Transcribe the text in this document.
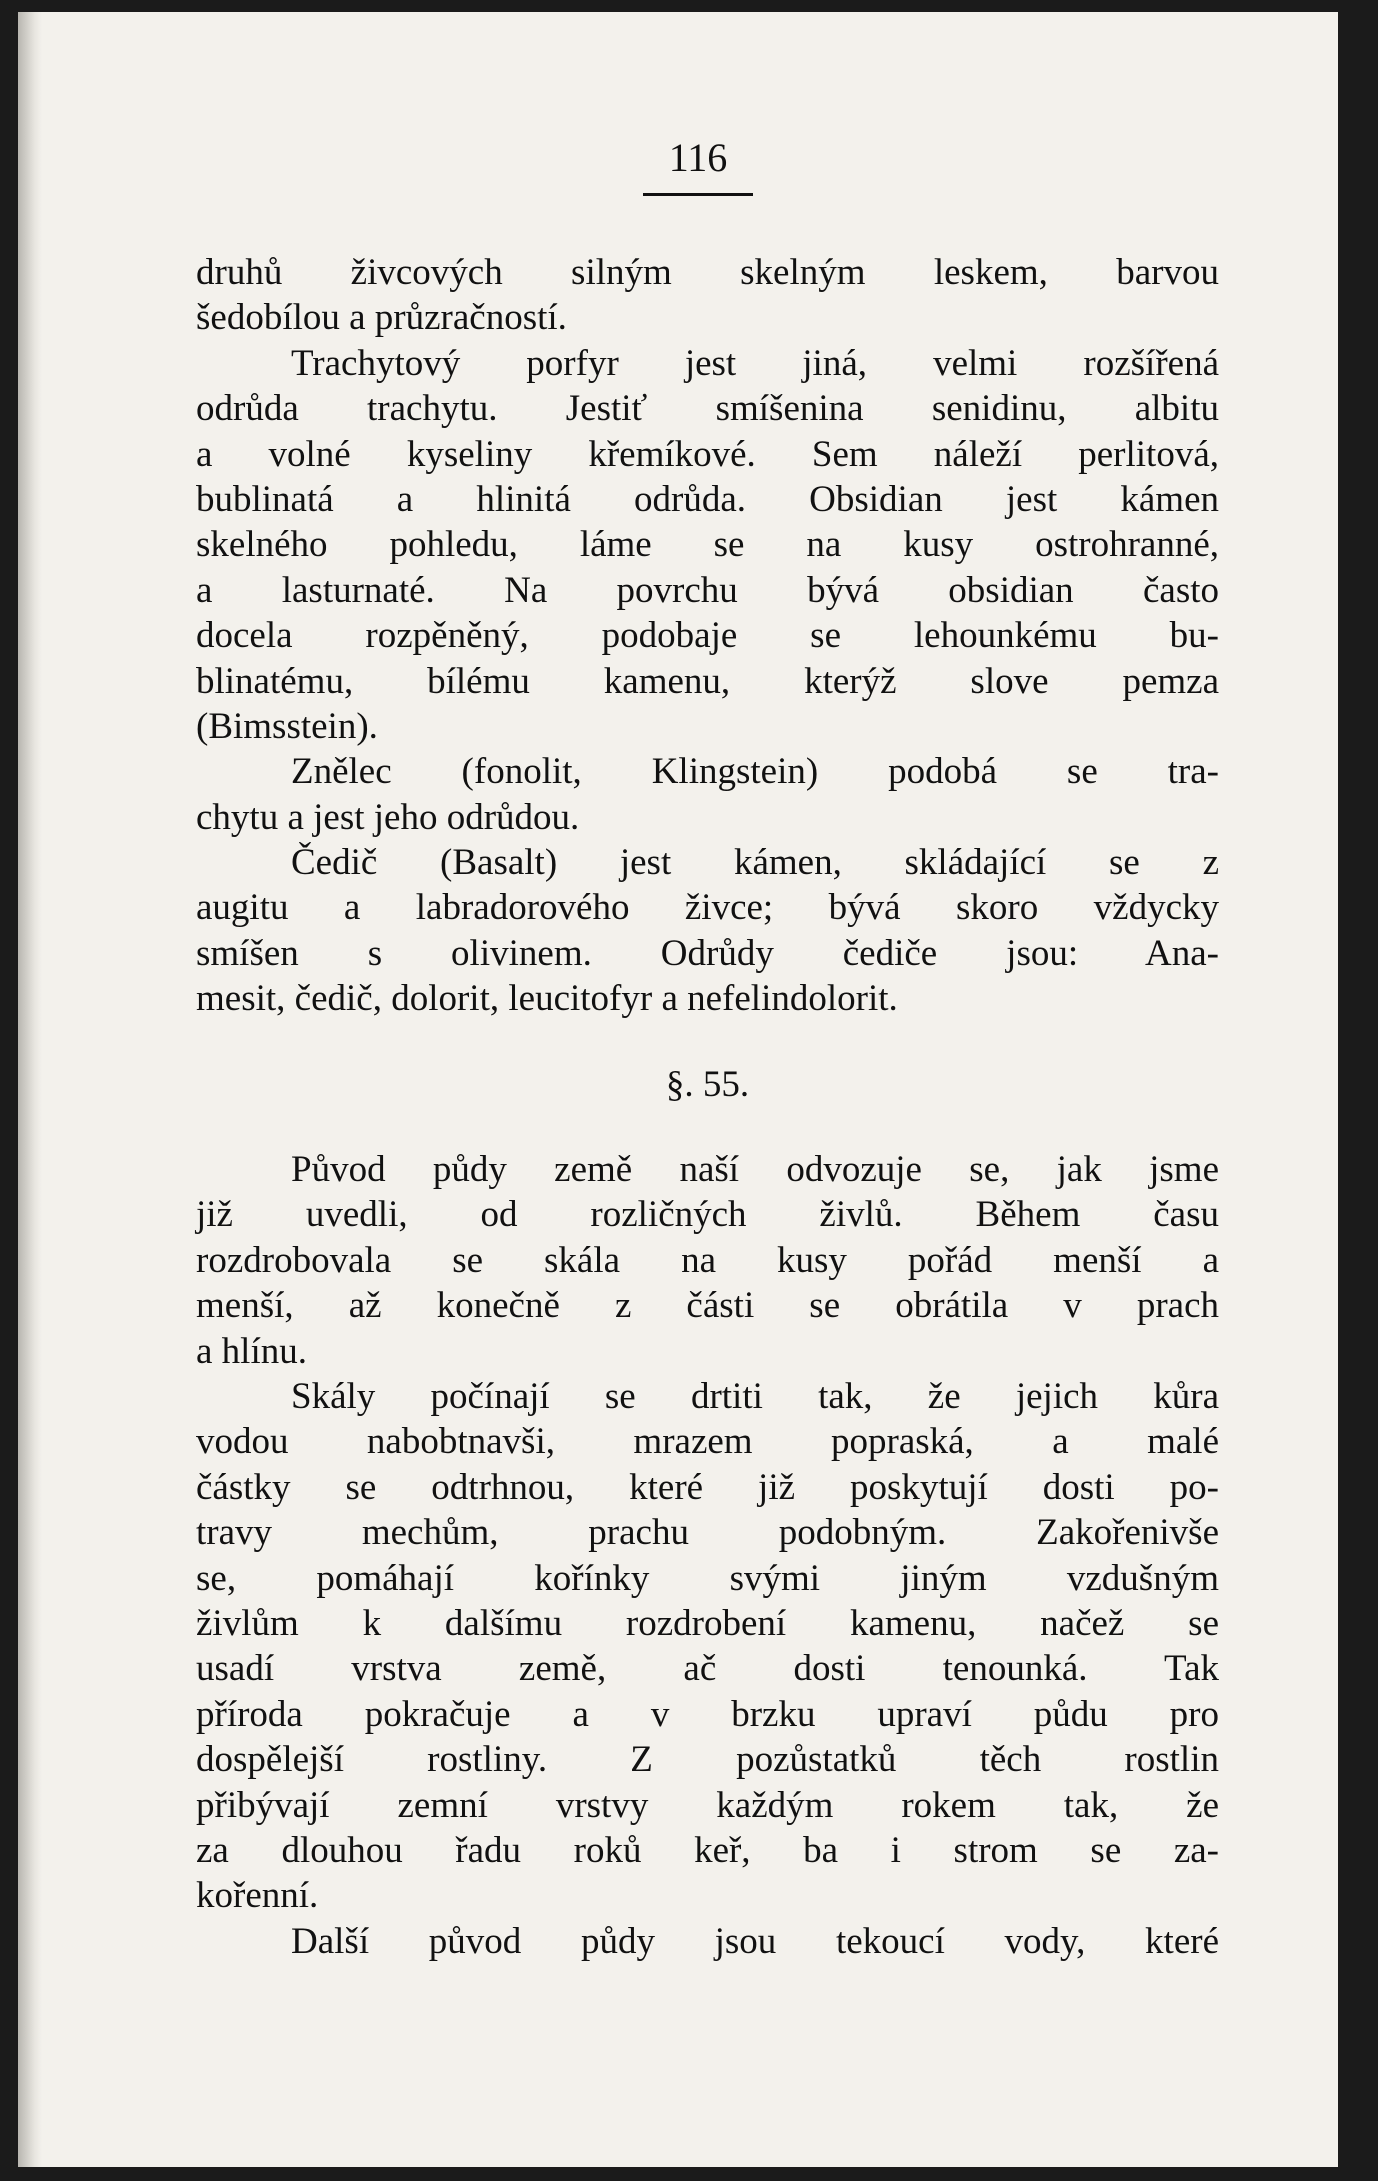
116
druhů živcových silným skelným leskem, barvou
šedobílou a průzračností.
Trachytový porfyr jest jiná, velmi rozšířená
odrůda trachytu. Jestiť smíšenina senidinu, albitu
a volné kyseliny křemíkové. Sem náleží perlitová,
bublinatá a hlinitá odrůda. Obsidian jest kámen
skelného pohledu, láme se na kusy ostrohranné,
a lasturnaté. Na povrchu bývá obsidian často
docela rozpěněný, podobaje se lehounkému bu-
blinatému, bílému kamenu, kterýž slove pemza
(Bimsstein).
Znělec (fonolit, Klingstein) podobá se tra-
chytu a jest jeho odrůdou.
Čedič (Basalt) jest kámen, skládající se z
augitu a labradorového živce; bývá skoro vždycky
smíšen s olivinem. Odrůdy čediče jsou: Ana-
mesit, čedič, dolorit, leucitofyr a nefelindolorit.
§. 55.
Původ půdy země naší odvozuje se, jak jsme
již uvedli, od rozličných živlů. Během času
rozdrobovala se skála na kusy pořád menší a
menší, až konečně z části se obrátila v prach
a hlínu.
Skály počínají se drtiti tak, že jejich kůra
vodou nabobtnavši, mrazem popraská, a malé
částky se odtrhnou, které již poskytují dosti po-
travy mechům, prachu podobným. Zakořenivše
se, pomáhají kořínky svými jiným vzdušným
živlům k dalšímu rozdrobení kamenu, načež se
usadí vrstva země, ač dosti tenounká. Tak
příroda pokračuje a v brzku upraví půdu pro
dospělejší rostliny. Z pozůstatků těch rostlin
přibývají zemní vrstvy každým rokem tak, že
za dlouhou řadu roků keř, ba i strom se za-
kořenní.
Další původ půdy jsou tekoucí vody, které
